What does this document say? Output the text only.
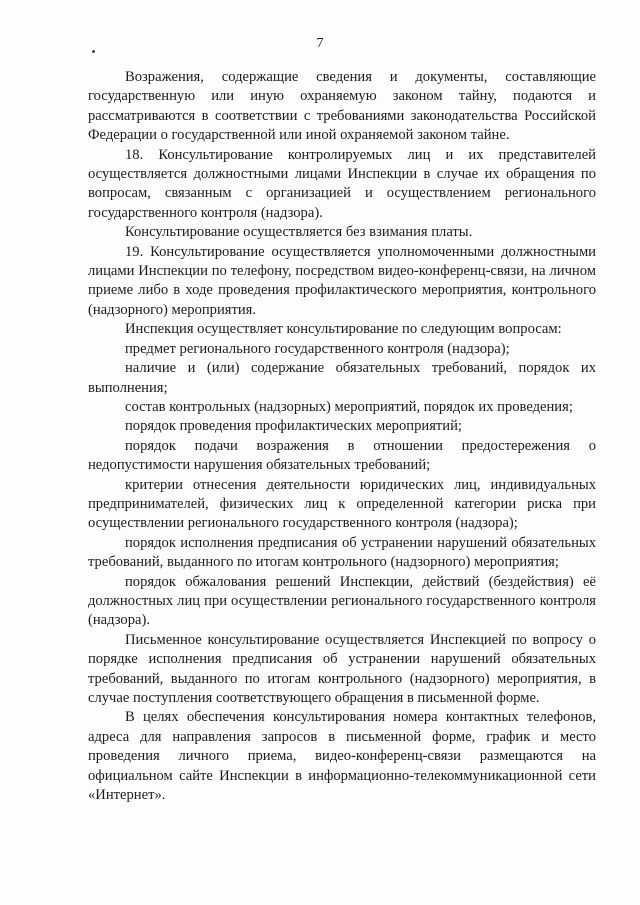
7

Возражения, содержащие сведения и документы, составляющие государственную или иную охраняемую законом тайну, подаются и рассматриваются в соответствии с требованиями законодательства Российской Федерации о государственной или иной охраняемой законом тайне.

18. Консультирование контролируемых лиц и их представителей осуществляется должностными лицами Инспекции в случае их обращения по вопросам, связанным с организацией и осуществлением регионального государственного контроля (надзора).

Консультирование осуществляется без взимания платы.

19. Консультирование осуществляется уполномоченными должностными лицами Инспекции по телефону, посредством видео-конференц-связи, на личном приеме либо в ходе проведения профилактического мероприятия, контрольного (надзорного) мероприятия.

Инспекция осуществляет консультирование по следующим вопросам:

предмет регионального государственного контроля (надзора);

наличие и (или) содержание обязательных требований, порядок их выполнения;

состав контрольных (надзорных) мероприятий, порядок их проведения;

порядок проведения профилактических мероприятий;

порядок подачи возражения в отношении предостережения о недопустимости нарушения обязательных требований;

критерии отнесения деятельности юридических лиц, индивидуальных предпринимателей, физических лиц к определенной категории риска при осуществлении регионального государственного контроля (надзора);

порядок исполнения предписания об устранении нарушений обязательных требований, выданного по итогам контрольного (надзорного) мероприятия;

порядок обжалования решений Инспекции, действий (бездействия) её должностных лиц при осуществлении регионального государственного контроля (надзора).

Письменное консультирование осуществляется Инспекцией по вопросу о порядке исполнения предписания об устранении нарушений обязательных требований, выданного по итогам контрольного (надзорного) мероприятия, в случае поступления соответствующего обращения в письменной форме.

В целях обеспечения консультирования номера контактных телефонов, адреса для направления запросов в письменной форме, график и место проведения личного приема, видео-конференц-связи размещаются на официальном сайте Инспекции в информационно-телекоммуникационной сети «Интернет».
